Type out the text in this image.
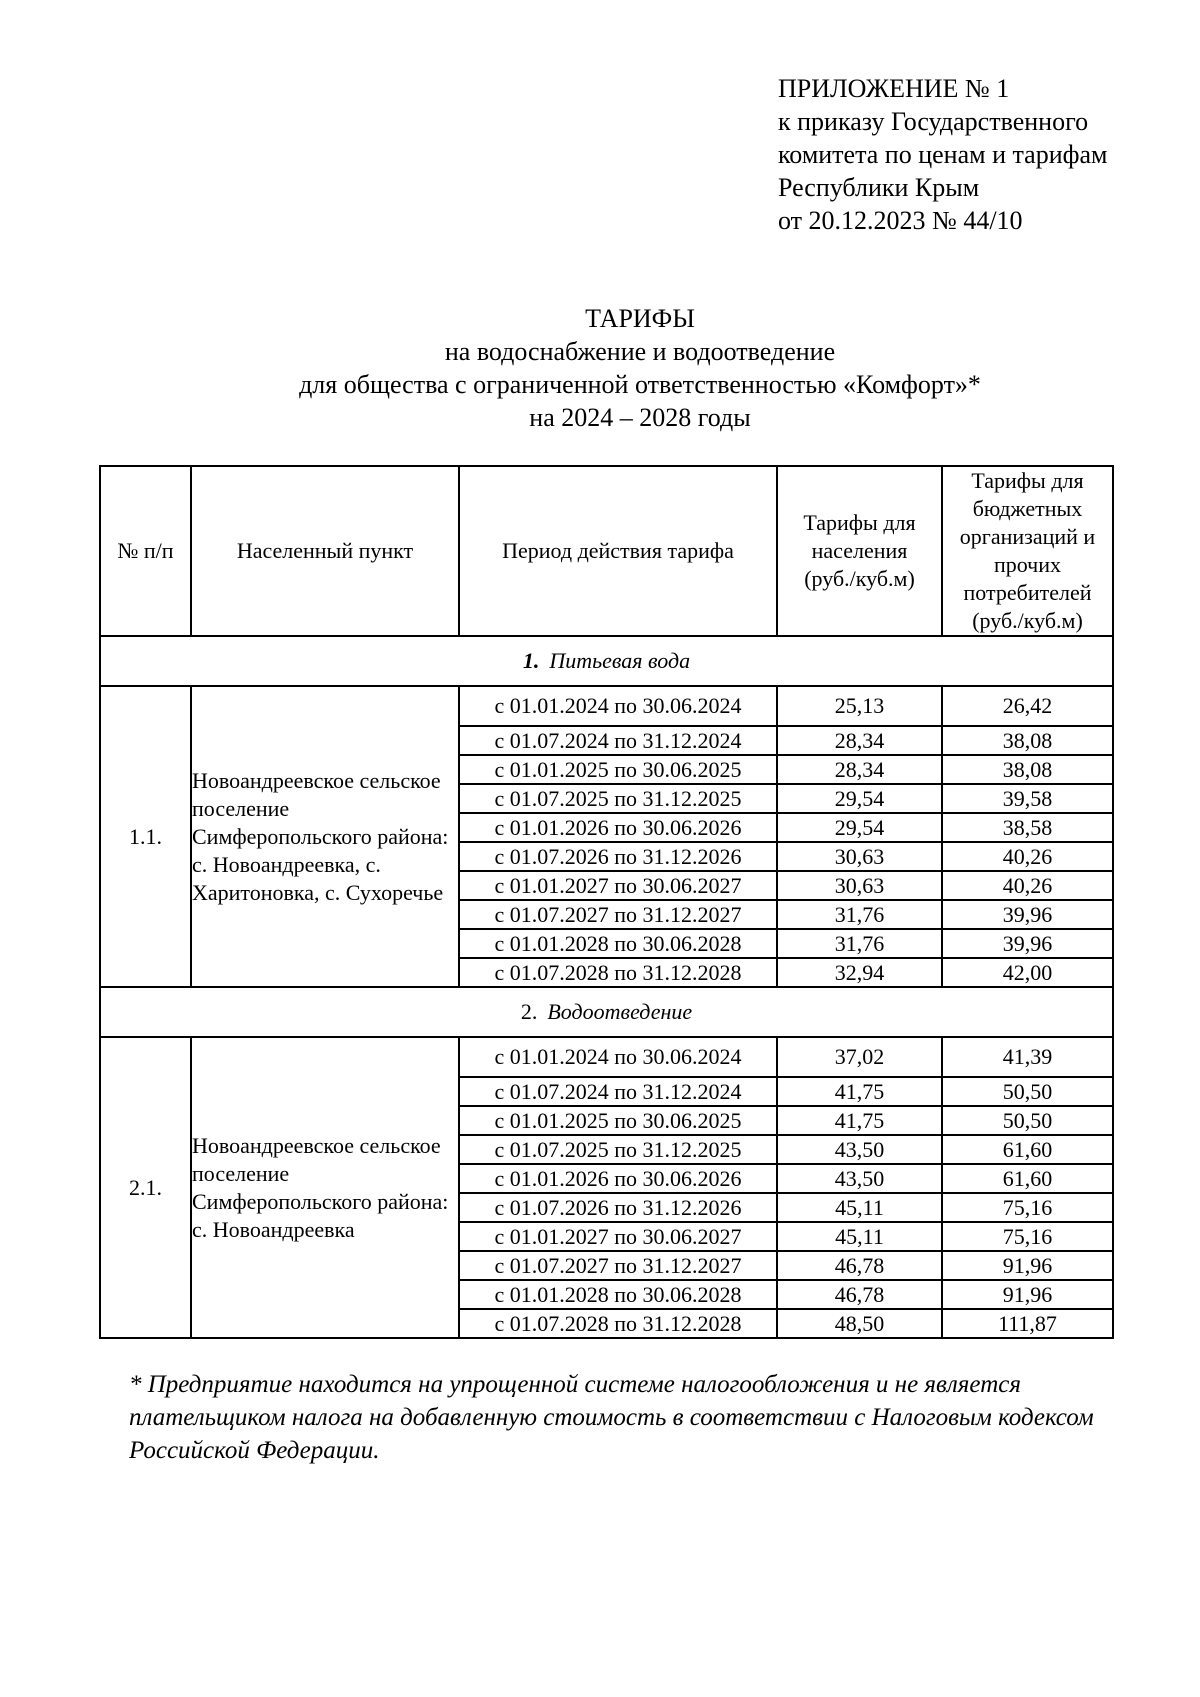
ПРИЛОЖЕНИЕ № 1
к приказу Государственного
комитета по ценам и тарифам
Республики Крым
от 20.12.2023 № 44/10
ТАРИФЫ
на водоснабжение и водоотведение
для общества с ограниченной ответственностью «Комфорт»*
на 2024 – 2028 годы
№ п/п	Населенный пункт	Период действия тарифа	Тарифы для населения (руб./куб.м)	Тарифы для бюджетных организаций и прочих потребителей (руб./куб.м)
1. Питьевая вода				
1.1.	Новоандреевское сельское поселение Симферопольского района: с. Новоандреевка, с. Харитоновка, с. Сухоречье	с 01.01.2024 по 30.06.2024	25,13	26,42
		с 01.07.2024 по 31.12.2024	28,34	38,08
		с 01.01.2025 по 30.06.2025	28,34	38,08
		с 01.07.2025 по 31.12.2025	29,54	39,58
		с 01.01.2026 по 30.06.2026	29,54	38,58
		с 01.07.2026 по 31.12.2026	30,63	40,26
		с 01.01.2027 по 30.06.2027	30,63	40,26
		с 01.07.2027 по 31.12.2027	31,76	39,96
		с 01.01.2028 по 30.06.2028	31,76	39,96
		с 01.07.2028 по 31.12.2028	32,94	42,00
2. Водоотведение				
2.1.	Новоандреевское сельское поселение Симферопольского района: с. Новоандреевка	с 01.01.2024 по 30.06.2024	37,02	41,39
		с 01.07.2024 по 31.12.2024	41,75	50,50
		с 01.01.2025 по 30.06.2025	41,75	50,50
		с 01.07.2025 по 31.12.2025	43,50	61,60
		с 01.01.2026 по 30.06.2026	43,50	61,60
		с 01.07.2026 по 31.12.2026	45,11	75,16
		с 01.01.2027 по 30.06.2027	45,11	75,16
		с 01.07.2027 по 31.12.2027	46,78	91,96
		с 01.01.2028 по 30.06.2028	46,78	91,96
		с 01.07.2028 по 31.12.2028	48,50	111,87
* Предприятие находится на упрощенной системе налогообложения и не является плательщиком налога на добавленную стоимость в соответствии с Налоговым кодексом Российской Федерации.
